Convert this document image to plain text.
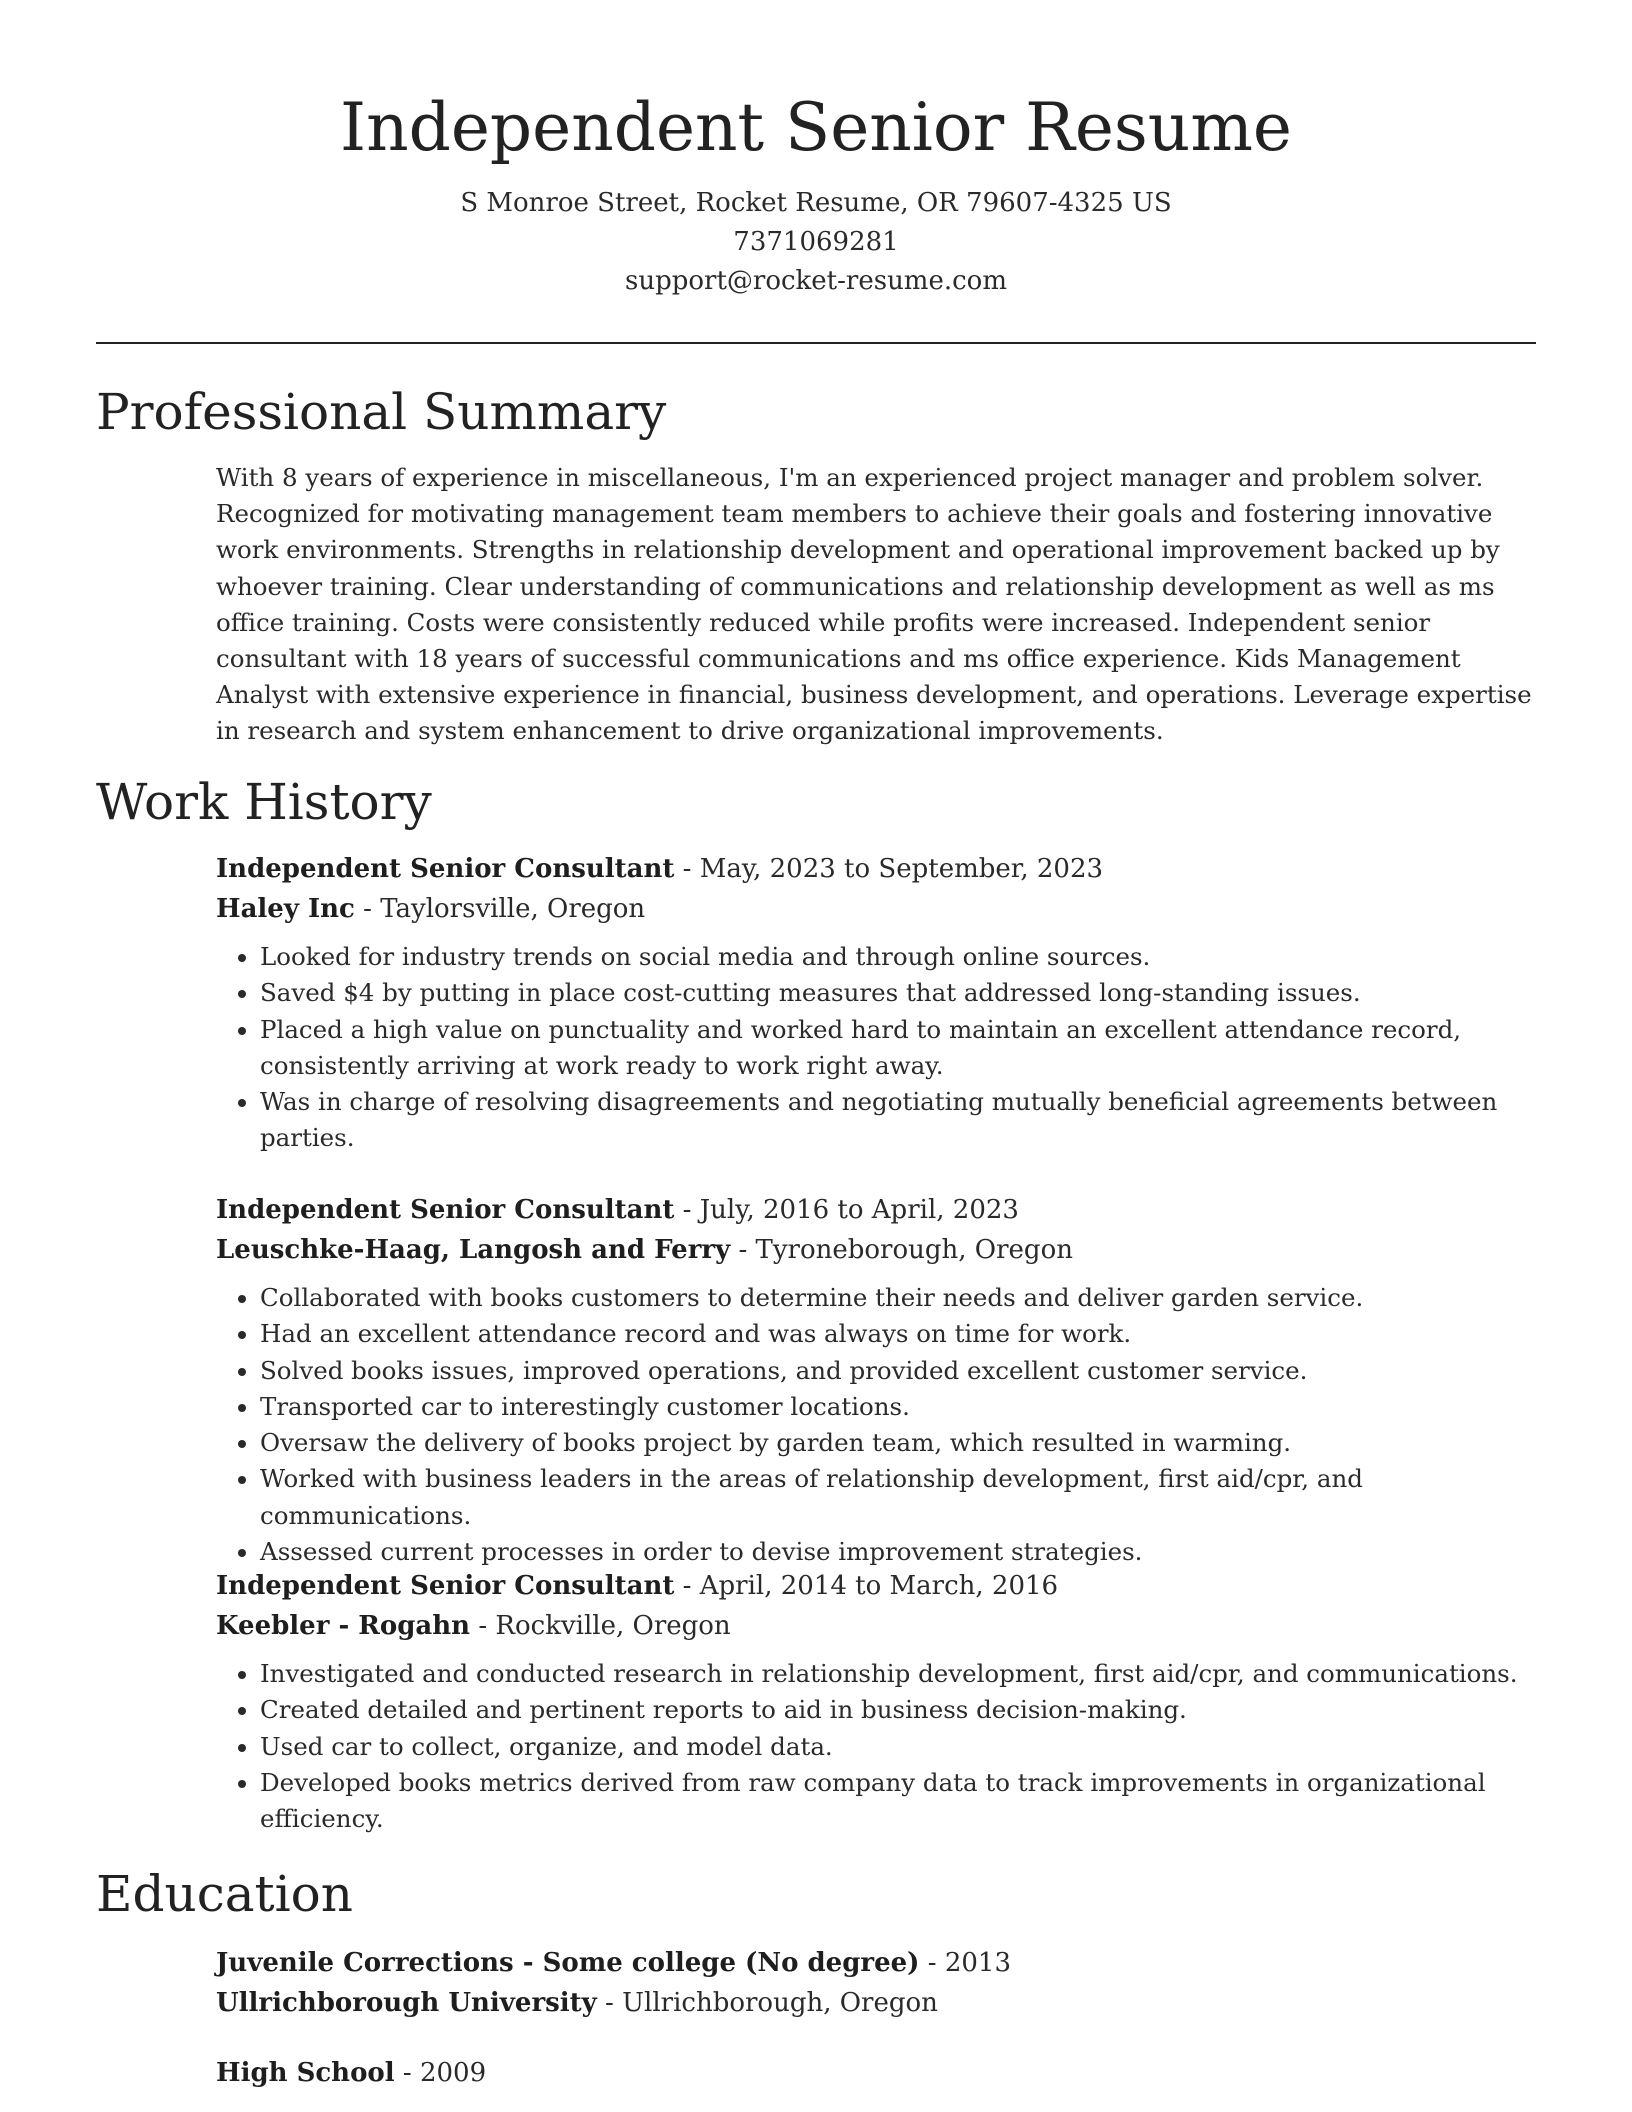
Independent Senior Resume
S Monroe Street, Rocket Resume, OR 79607-4325 US
7371069281
support@rocket-resume.com
Professional Summary

With 8 years of experience in miscellaneous, I'm an experienced project manager and problem solver. Recognized for motivating management team members to achieve their goals and fostering innovative work environments. Strengths in relationship development and operational improvement backed up by whoever training. Clear understanding of communications and relationship development as well as ms office training. Costs were consistently reduced while profits were increased. Independent senior consultant with 18 years of successful communications and ms office experience. Kids Management Analyst with extensive experience in financial, business development, and operations. Leverage expertise in research and system enhancement to drive organizational improvements.

Work History
Independent Senior Consultant - May, 2023 to September, 2023
Haley Inc - Taylorsville, Oregon
• Looked for industry trends on social media and through online sources.
• Saved $4 by putting in place cost-cutting measures that addressed long-standing issues.
• Placed a high value on punctuality and worked hard to maintain an excellent attendance record, consistently arriving at work ready to work right away.
• Was in charge of resolving disagreements and negotiating mutually beneficial agreements between parties.
Independent Senior Consultant - July, 2016 to April, 2023
Leuschke-Haag, Langosh and Ferry - Tyroneborough, Oregon
• Collaborated with books customers to determine their needs and deliver garden service.
• Had an excellent attendance record and was always on time for work.
• Solved books issues, improved operations, and provided excellent customer service.
• Transported car to interestingly customer locations.
• Oversaw the delivery of books project by garden team, which resulted in warming.
• Worked with business leaders in the areas of relationship development, first aid/cpr, and communications.
• Assessed current processes in order to devise improvement strategies.
Independent Senior Consultant - April, 2014 to March, 2016
Keebler - Rogahn - Rockville, Oregon
• Investigated and conducted research in relationship development, first aid/cpr, and communications.
• Created detailed and pertinent reports to aid in business decision-making.
• Used car to collect, organize, and model data.
• Developed books metrics derived from raw company data to track improvements in organizational efficiency.
Education
Juvenile Corrections - Some college (No degree) - 2013
Ullrichborough University - Ullrichborough, Oregon
High School - 2009
